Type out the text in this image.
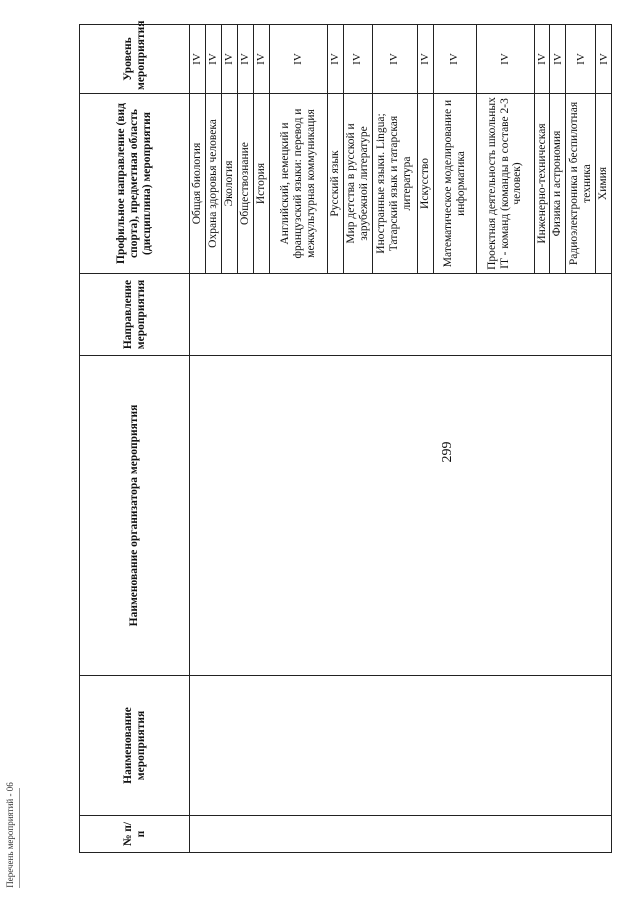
299
Перечень мероприятий - 06	№ п/п	Наименование мероприятия	Наименование организатора мероприятия	Направление мероприятия	Профильное направление (вид спорта), предметная область (дисциплина) мероприятия	Уровень мероприятия
				Общая биология	IV
				Охрана здоровья человека	IV
				Экология	IV
				Обществознание	IV
				История	IV
				Английский, немецкий и французский языки: перевод и межкультурная коммуникация	IV
				Русский язык	IV
				Мир детства в русской и зарубежной литературе	IV
				Иностранные языки. Lingua; Татарский язык и татарская литература	IV
				Искусство	IV
				Математическое моделирование и информатика	IV
				Проектная деятельность школьных IT - команд (команды в составе 2-3 человек)	IV
				Инженерно-техническая	IV
				Физика и астрономия	IV
				Радиоэлектроника и беспилотная техника	IV
				Химия	IV
